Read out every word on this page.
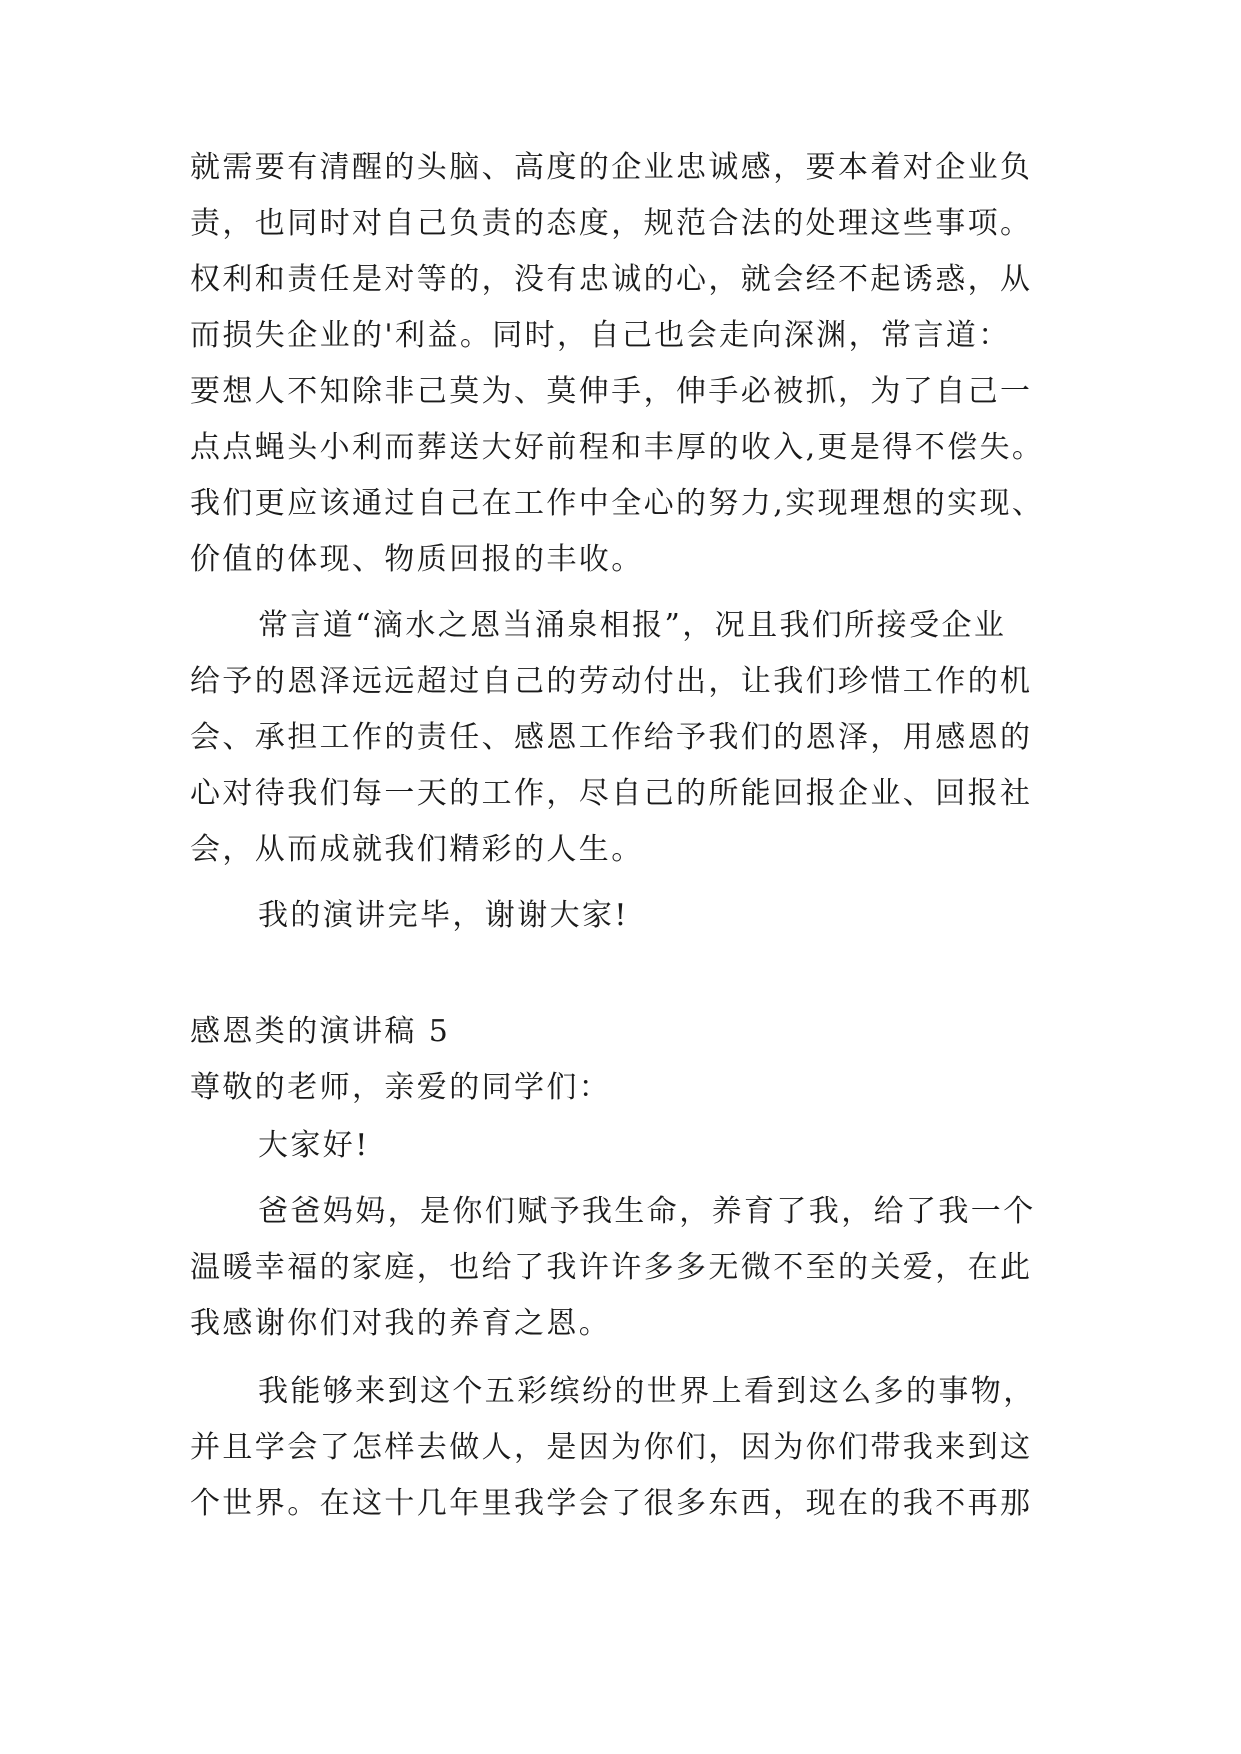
就需要有清醒的头脑、高度的企业忠诚感，要本着对企业负
责，也同时对自己负责的态度，规范合法的处理这些事项。
权利和责任是对等的，没有忠诚的心，就会经不起诱惑，从
而损失企业的'利益。同时，自己也会走向深渊，常言道：
要想人不知除非己莫为、莫伸手，伸手必被抓，为了自己一
点点蝇头小利而葬送大好前程和丰厚的收入,更是得不偿失。
我们更应该通过自己在工作中全心的努力,实现理想的实现、
价值的体现、物质回报的丰收。
常言道“滴水之恩当涌泉相报”，况且我们所接受企业
给予的恩泽远远超过自己的劳动付出，让我们珍惜工作的机
会、承担工作的责任、感恩工作给予我们的恩泽，用感恩的
心对待我们每一天的工作，尽自己的所能回报企业、回报社
会，从而成就我们精彩的人生。
我的演讲完毕，谢谢大家!
感恩类的演讲稿 5
尊敬的老师，亲爱的同学们：
大家好!
爸爸妈妈，是你们赋予我生命，养育了我，给了我一个
温暖幸福的家庭，也给了我许许多多无微不至的关爱，在此
我感谢你们对我的养育之恩。
我能够来到这个五彩缤纷的世界上看到这么多的事物，
并且学会了怎样去做人，是因为你们，因为你们带我来到这
个世界。在这十几年里我学会了很多东西，现在的我不再那
